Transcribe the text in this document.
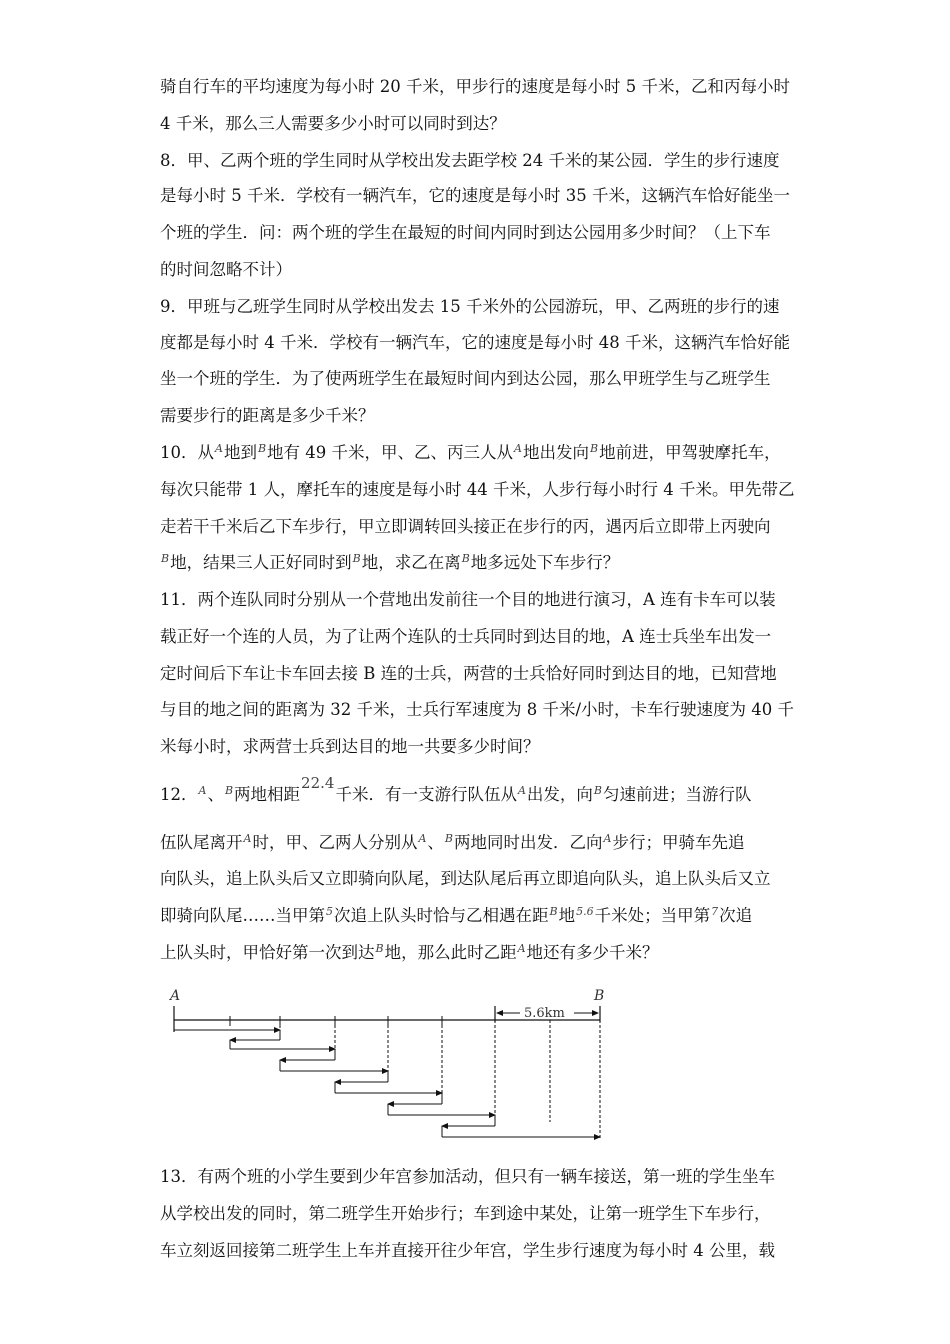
骑自行车的平均速度为每小时 20 千米，甲步行的速度是每小时 5 千米，乙和丙每小时
4 千米，那么三人需要多少小时可以同时到达？
8．甲、乙两个班的学生同时从学校出发去距学校 24 千米的某公园．学生的步行速度
是每小时 5 千米．学校有一辆汽车，它的速度是每小时 35 千米，这辆汽车恰好能坐一
个班的学生．问：两个班的学生在最短的时间内同时到达公园用多少时间？（上下车
的时间忽略不计）
9．甲班与乙班学生同时从学校出发去 15 千米外的公园游玩，甲、乙两班的步行的速
度都是每小时 4 千米．学校有一辆汽车，它的速度是每小时 48 千米，这辆汽车恰好能
坐一个班的学生．为了使两班学生在最短时间内到达公园，那么甲班学生与乙班学生
需要步行的距离是多少千米？
10．从$^A$地到$^B$地有 49 千米，甲、乙、丙三人从$^A$地出发向$^B$地前进，甲驾驶摩托车，
每次只能带 1 人，摩托车的速度是每小时 44 千米，人步行每小时行 4 千米。甲先带乙
走若干千米后乙下车步行，甲立即调转回头接正在步行的丙，遇丙后立即带上丙驶向
$^B$地，结果三人正好同时到$^B$地，求乙在离$^B$地多远处下车步行？
11．两个连队同时分别从一个营地出发前往一个目的地进行演习，A 连有卡车可以装
载正好一个连的人员，为了让两个连队的士兵同时到达目的地，A 连士兵坐车出发一
定时间后下车让卡车回去接 B 连的士兵，两营的士兵恰好同时到达目的地，已知营地
与目的地之间的距离为 32 千米，士兵行军速度为 8 千米/小时，卡车行驶速度为 40 千
米每小时，求两营士兵到达目的地一共要多少时间？
12．$^A$、$^B$两地相距22.4千米．有一支游行队伍从$^A$出发，向$^B$匀速前进；当游行队
伍队尾离开$^A$时，甲、乙两人分别从$^A$、$^B$两地同时出发．乙向$^A$步行；甲骑车先追
向队头，追上队头后又立即骑向队尾，到达队尾后再立即追向队头，追上队头后又立
即骑向队尾……当甲第$^5$次追上队头时恰与乙相遇在距$^B$地$^{5.6}$千米处；当甲第$^7$次追
上队头时，甲恰好第一次到达$^B$地，那么此时乙距$^A$地还有多少千米？
A	B
5.6km
13．有两个班的小学生要到少年宫参加活动，但只有一辆车接送，第一班的学生坐车
从学校出发的同时，第二班学生开始步行；车到途中某处，让第一班学生下车步行，
车立刻返回接第二班学生上车并直接开往少年宫，学生步行速度为每小时 4 公里，载
